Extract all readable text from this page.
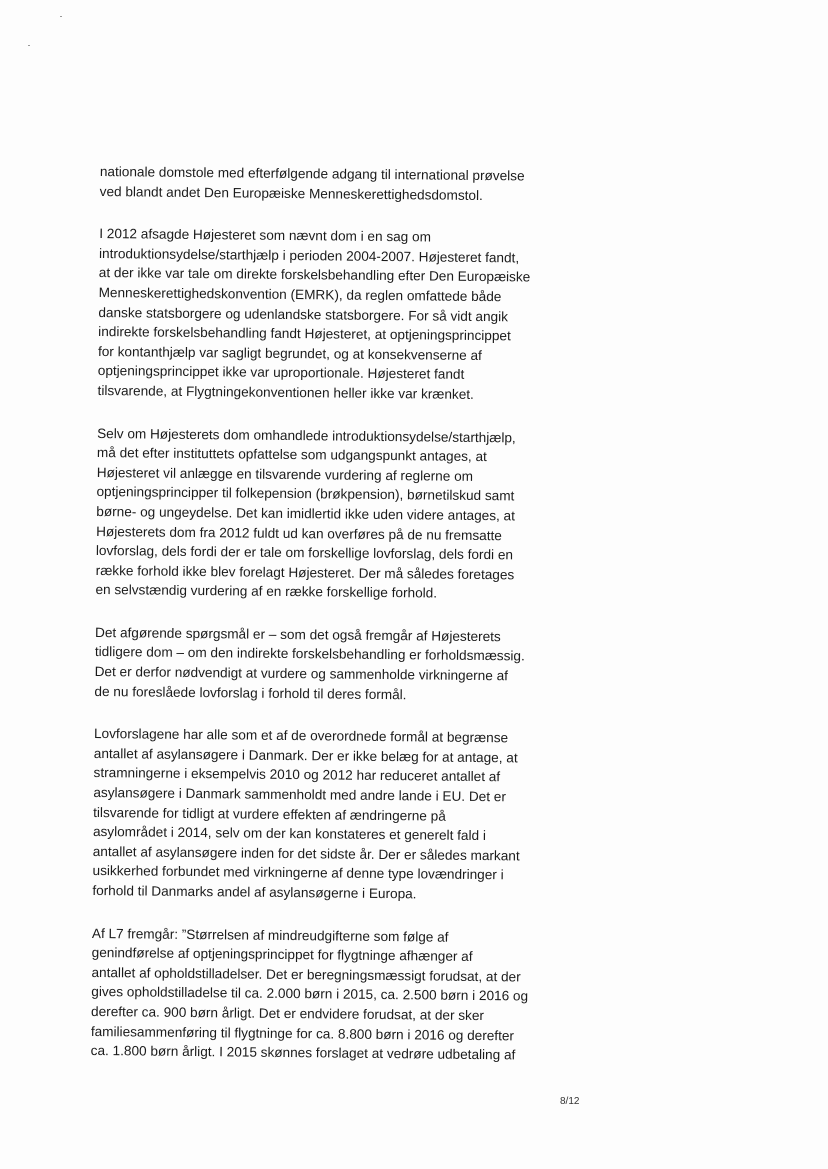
nationale domstole med efterfølgende adgang til international prøvelse
ved blandt andet Den Europæiske Menneskerettighedsdomstol.
I 2012 afsagde Højesteret som nævnt dom i en sag om
introduktionsydelse/starthjælp i perioden 2004-2007. Højesteret fandt,
at der ikke var tale om direkte forskelsbehandling efter Den Europæiske
Menneskerettighedskonvention (EMRK), da reglen omfattede både
danske statsborgere og udenlandske statsborgere. For så vidt angik
indirekte forskelsbehandling fandt Højesteret, at optjeningsprincippet
for kontanthjælp var sagligt begrundet, og at konsekvenserne af
optjeningsprincippet ikke var uproportionale. Højesteret fandt
tilsvarende, at Flygtningekonventionen heller ikke var krænket.
Selv om Højesterets dom omhandlede introduktionsydelse/starthjælp,
må det efter instituttets opfattelse som udgangspunkt antages, at
Højesteret vil anlægge en tilsvarende vurdering af reglerne om
optjeningsprincipper til folkepension (brøkpension), børnetilskud samt
børne- og ungeydelse. Det kan imidlertid ikke uden videre antages, at
Højesterets dom fra 2012 fuldt ud kan overføres på de nu fremsatte
lovforslag, dels fordi der er tale om forskellige lovforslag, dels fordi en
række forhold ikke blev forelagt Højesteret. Der må således foretages
en selvstændig vurdering af en række forskellige forhold.
Det afgørende spørgsmål er – som det også fremgår af Højesterets
tidligere dom – om den indirekte forskelsbehandling er forholdsmæssig.
Det er derfor nødvendigt at vurdere og sammenholde virkningerne af
de nu foreslåede lovforslag i forhold til deres formål.
Lovforslagene har alle som et af de overordnede formål at begrænse
antallet af asylansøgere i Danmark. Der er ikke belæg for at antage, at
stramningerne i eksempelvis 2010 og 2012 har reduceret antallet af
asylansøgere i Danmark sammenholdt med andre lande i EU. Det er
tilsvarende for tidligt at vurdere effekten af ændringerne på
asylområdet i 2014, selv om der kan konstateres et generelt fald i
antallet af asylansøgere inden for det sidste år. Der er således markant
usikkerhed forbundet med virkningerne af denne type lovændringer i
forhold til Danmarks andel af asylansøgerne i Europa.
Af L7 fremgår: ”Størrelsen af mindreudgifterne som følge af
genindførelse af optjeningsprincippet for flygtninge afhænger af
antallet af opholdstilladelser. Det er beregningsmæssigt forudsat, at der
gives opholdstilladelse til ca. 2.000 børn i 2015, ca. 2.500 børn i 2016 og
derefter ca. 900 børn årligt. Det er endvidere forudsat, at der sker
familiesammenføring til flygtninge for ca. 8.800 børn i 2016 og derefter
ca. 1.800 børn årligt. I 2015 skønnes forslaget at vedrøre udbetaling af
8/12
